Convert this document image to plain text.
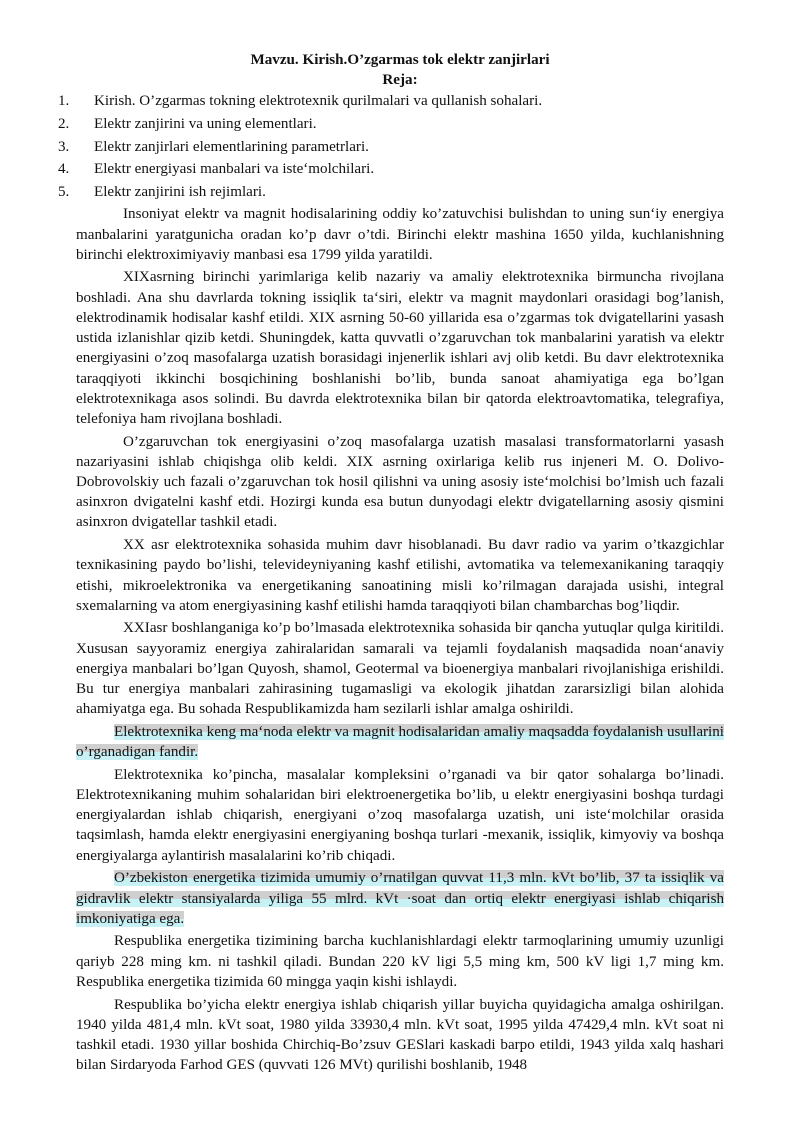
Mavzu. Kirish.O’zgarmas tok elektr zanjirlari

Reja:

1. Kirish. O’zgarmas tokning elektrotexnik qurilmalari va qullanish sohalari.
2. Elektr zanjirini va uning elementlari.
3. Elektr zanjirlari elementlarining parametrlari.
4. Elektr energiyasi manbalari va iste‘molchilari.
5. Elektr zanjirini ish rejimlari.

Insoniyat elektr va magnit hodisalarining oddiy ko’zatuvchisi bulishdan to uning sun‘iy energiya manbalarini yaratgunicha oradan ko’p davr o’tdi. Birinchi elektr mashina 1650 yilda, kuchlanishning birinchi elektroximiyaviy manbasi esa 1799 yilda yaratildi.

XIXasrning birinchi yarimlariga kelib nazariy va amaliy elektrotexnika birmuncha rivojlana boshladi. Ana shu davrlarda tokning issiqlik ta‘siri, elektr va magnit maydonlari orasidagi bog’lanish, elektrodinamik hodisalar kashf etildi. XIX asrning 50-60 yillarida esa o’zgarmas tok dvigatellarini yasash ustida izlanishlar qizib ketdi. Shuningdek, katta quvvatli o’zgaruvchan tok manbalarini yaratish va elektr energiyasini o’zoq masofalarga uzatish borasidagi injenerlik ishlari avj olib ketdi. Bu davr elektrotexnika taraqqiyoti ikkinchi bosqichining boshlanishi bo’lib, bunda sanoat ahamiyatiga ega bo’lgan elektrotexnikaga asos solindi. Bu davrda elektrotexnika bilan bir qatorda elektroavtomatika, telegrafiya, telefoniya ham rivojlana boshladi.

O’zgaruvchan tok energiyasini o’zoq masofalarga uzatish masalasi transformatorlarni yasash nazariyasini ishlab chiqishga olib keldi. XIX asrning oxirlariga kelib rus injeneri M. O. Dolivo-Dobrovolskiy uch fazali o’zgaruvchan tok hosil qilishni va uning asosiy iste‘molchisi bo’lmish uch fazali asinxron dvigatelni kashf etdi. Hozirgi kunda esa butun dunyodagi elektr dvigatellarning asosiy qismini asinxron dvigatellar tashkil etadi.

XX asr elektrotexnika sohasida muhim davr hisoblanadi. Bu davr radio va yarim o’tkazgichlar texnikasining paydo bo’lishi, televideyniyaning kashf etilishi, avtomatika va telemexanikaning taraqqiy etishi, mikroelektronika va energetikaning sanoatining misli ko’rilmagan darajada usishi, integral sxemalarning va atom energiyasining kashf etilishi hamda taraqqiyoti bilan chambarchas bog’liqdir.

XXIasr boshlanganiga ko’p bo’lmasada elektrotexnika sohasida bir qancha yutuqlar qulga kiritildi. Xususan sayyoramiz energiya zahiralaridan samarali va tejamli foydalanish maqsadida noan‘anaviy energiya manbalari bo’lgan Quyosh, shamol, Geotermal va bioenergiya manbalari rivojlanishiga erishildi. Bu tur energiya manbalari zahirasining tugamasligi va ekologik jihatdan zararsizligi bilan alohida ahamiyatga ega. Bu sohada Respublikamizda ham sezilarli ishlar amalga oshirildi.

Elektrotexnika keng ma‘noda elektr va magnit hodisalaridan amaliy maqsadda foydalanish usullarini o’rganadigan fandir.

Elektrotexnika ko’pincha, masalalar kompleksini o’rganadi va bir qator sohalarga bo’linadi. Elektrotexnikaning muhim sohalaridan biri elektroenergetika bo’lib, u elektr energiyasini boshqa turdagi energiyalardan ishlab chiqarish, energiyani o’zoq masofalarga uzatish, uni iste‘molchilar orasida taqsimlash, hamda elektr energiyasini energiyaning boshqa turlari -mexanik, issiqlik, kimyoviy va boshqa energiyalarga aylantirish masalalarini ko’rib chiqadi.

O’zbekiston energetika tizimida umumiy o’rnatilgan quvvat 11,3 mln. kVt bo’lib, 37 ta issiqlik va gidravlik elektr stansiyalarda yiliga 55 mlrd. kVt ·soat dan ortiq elektr energiyasi ishlab chiqarish imkoniyatiga ega.

Respublika energetika tizimining barcha kuchlanishlardagi elektr tarmoqlarining umumiy uzunligi qariyb 228 ming km. ni tashkil qiladi. Bundan 220 kV ligi 5,5 ming km, 500 kV ligi 1,7 ming km. Respublika energetika tizimida 60 mingga yaqin kishi ishlaydi.

Respublika bo’yicha elektr energiya ishlab chiqarish yillar buyicha quyidagicha amalga oshirilgan. 1940 yilda 481,4 mln. kVt soat, 1980 yilda 33930,4 mln. kVt soat, 1995 yilda 47429,4 mln. kVt soat ni tashkil etadi. 1930 yillar boshida Chirchiq-Bo’zsuv GESlari kaskadi barpo etildi, 1943 yilda xalq hashari bilan Sirdaryoda Farhod GES (quvvati 126 MVt) qurilishi boshlanib, 1948
